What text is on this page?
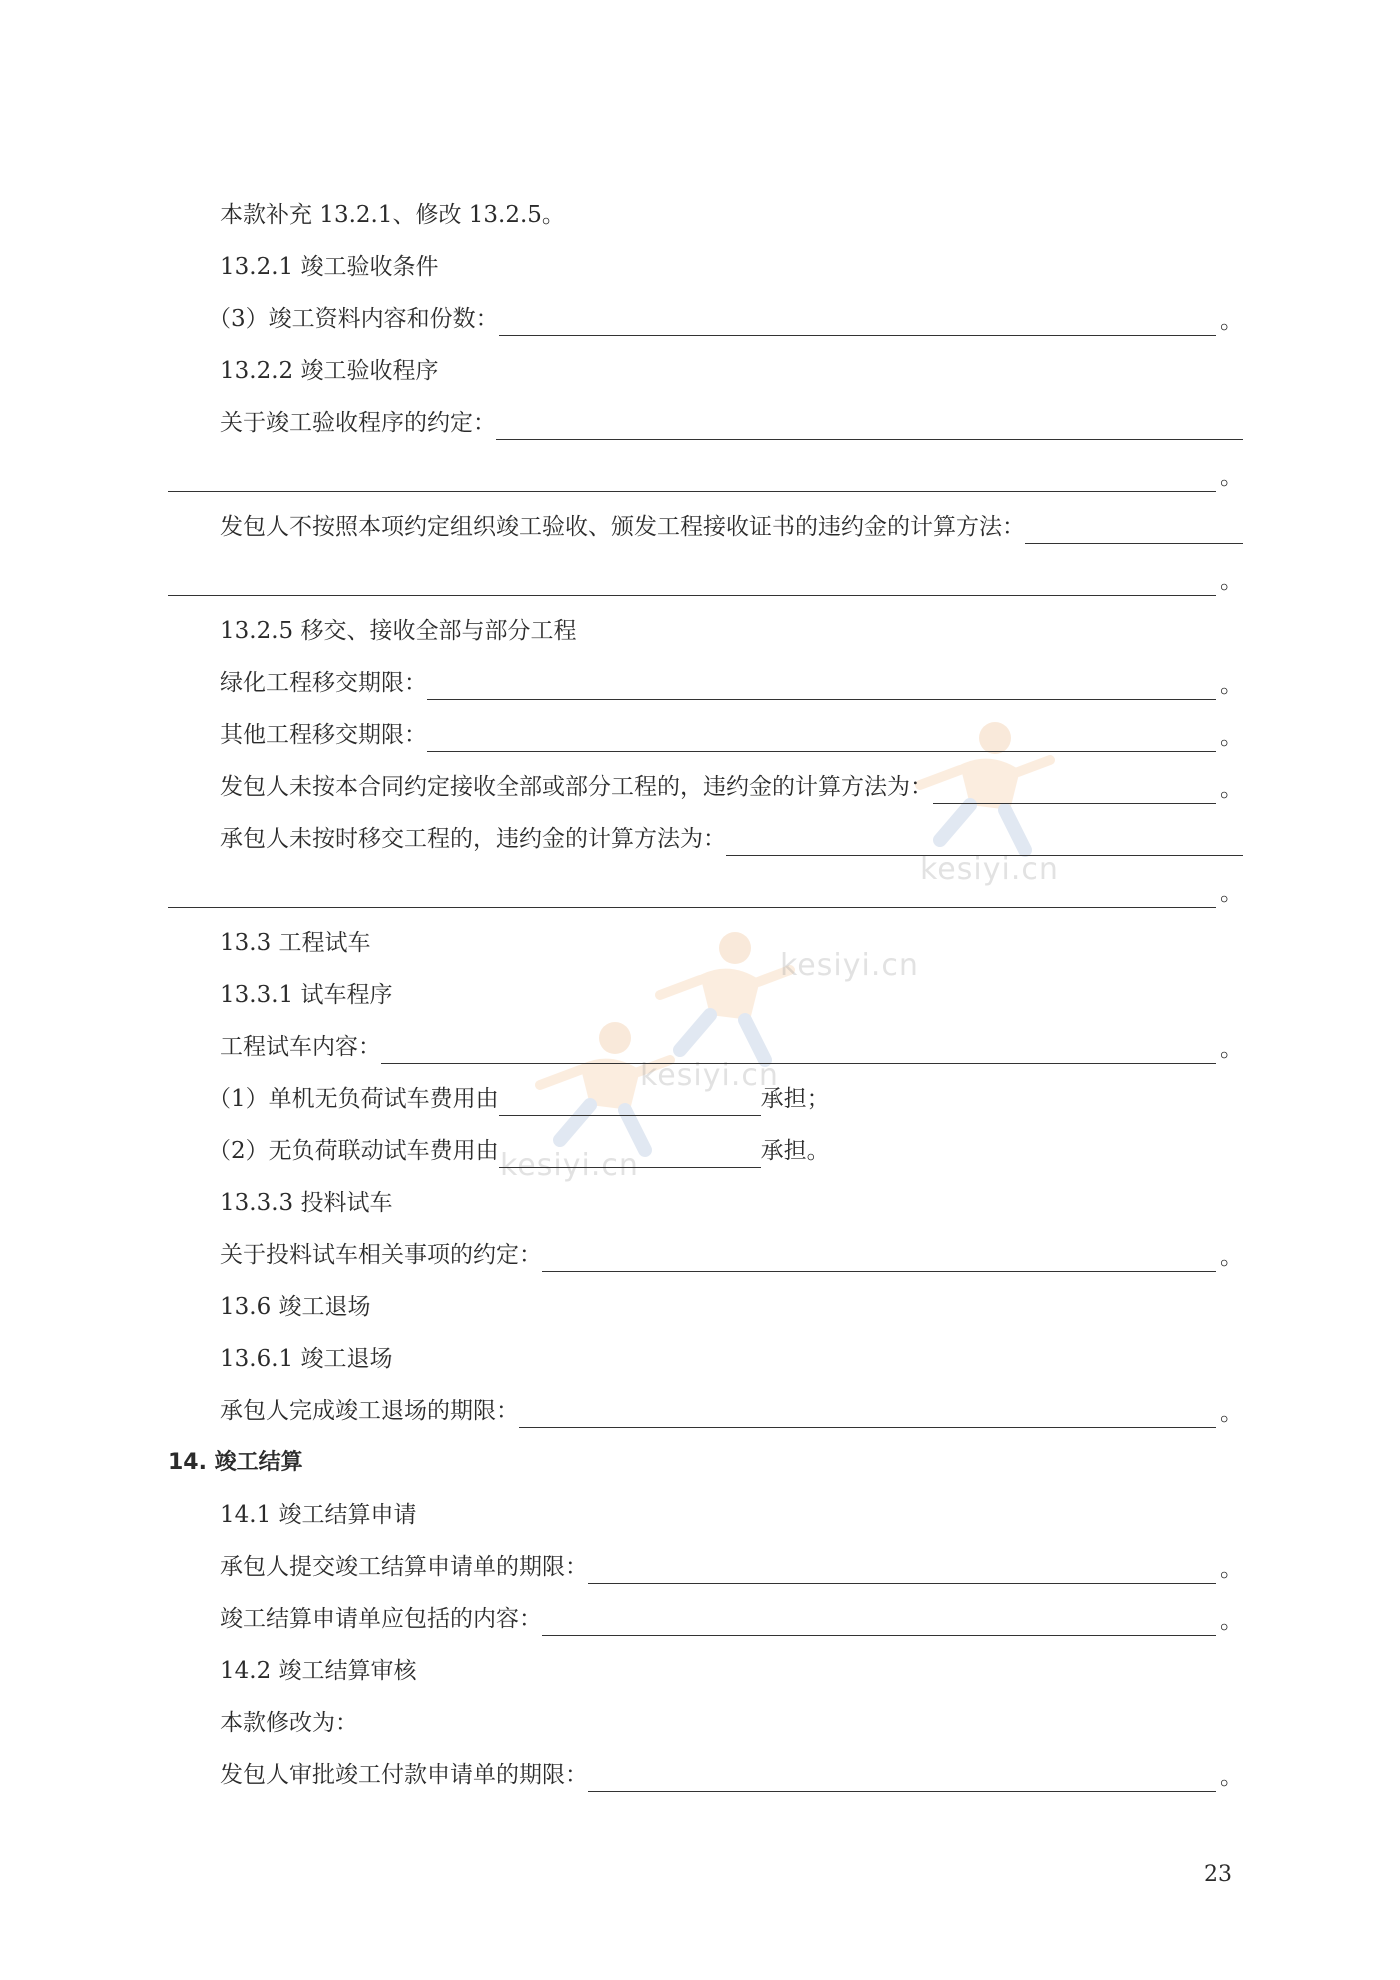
kesiyi.cn
kesiyi.cn
kesiyi.cn
kesiyi.cn
本款补充 13.2.1、修改 13.2.5。
13.2.1 竣工验收条件
（3）竣工资料内容和份数：	。
13.2.2 竣工验收程序
关于竣工验收程序的约定：
。
发包人不按照本项约定组织竣工验收、颁发工程接收证书的违约金的计算方法：
。
13.2.5 移交、接收全部与部分工程
绿化工程移交期限：	。
其他工程移交期限：	。
发包人未按本合同约定接收全部或部分工程的，违约金的计算方法为：	。
承包人未按时移交工程的，违约金的计算方法为：
。
13.3 工程试车
13.3.1 试车程序
工程试车内容：	。
（1）单机无负荷试车费用由	承担；
（2）无负荷联动试车费用由	承担。
13.3.3 投料试车
关于投料试车相关事项的约定：	。
13.6 竣工退场
13.6.1 竣工退场
承包人完成竣工退场的期限：	。
14. 竣工结算
14.1 竣工结算申请
承包人提交竣工结算申请单的期限：	。
竣工结算申请单应包括的内容：	。
14.2 竣工结算审核
本款修改为：
发包人审批竣工付款申请单的期限：	。
23
